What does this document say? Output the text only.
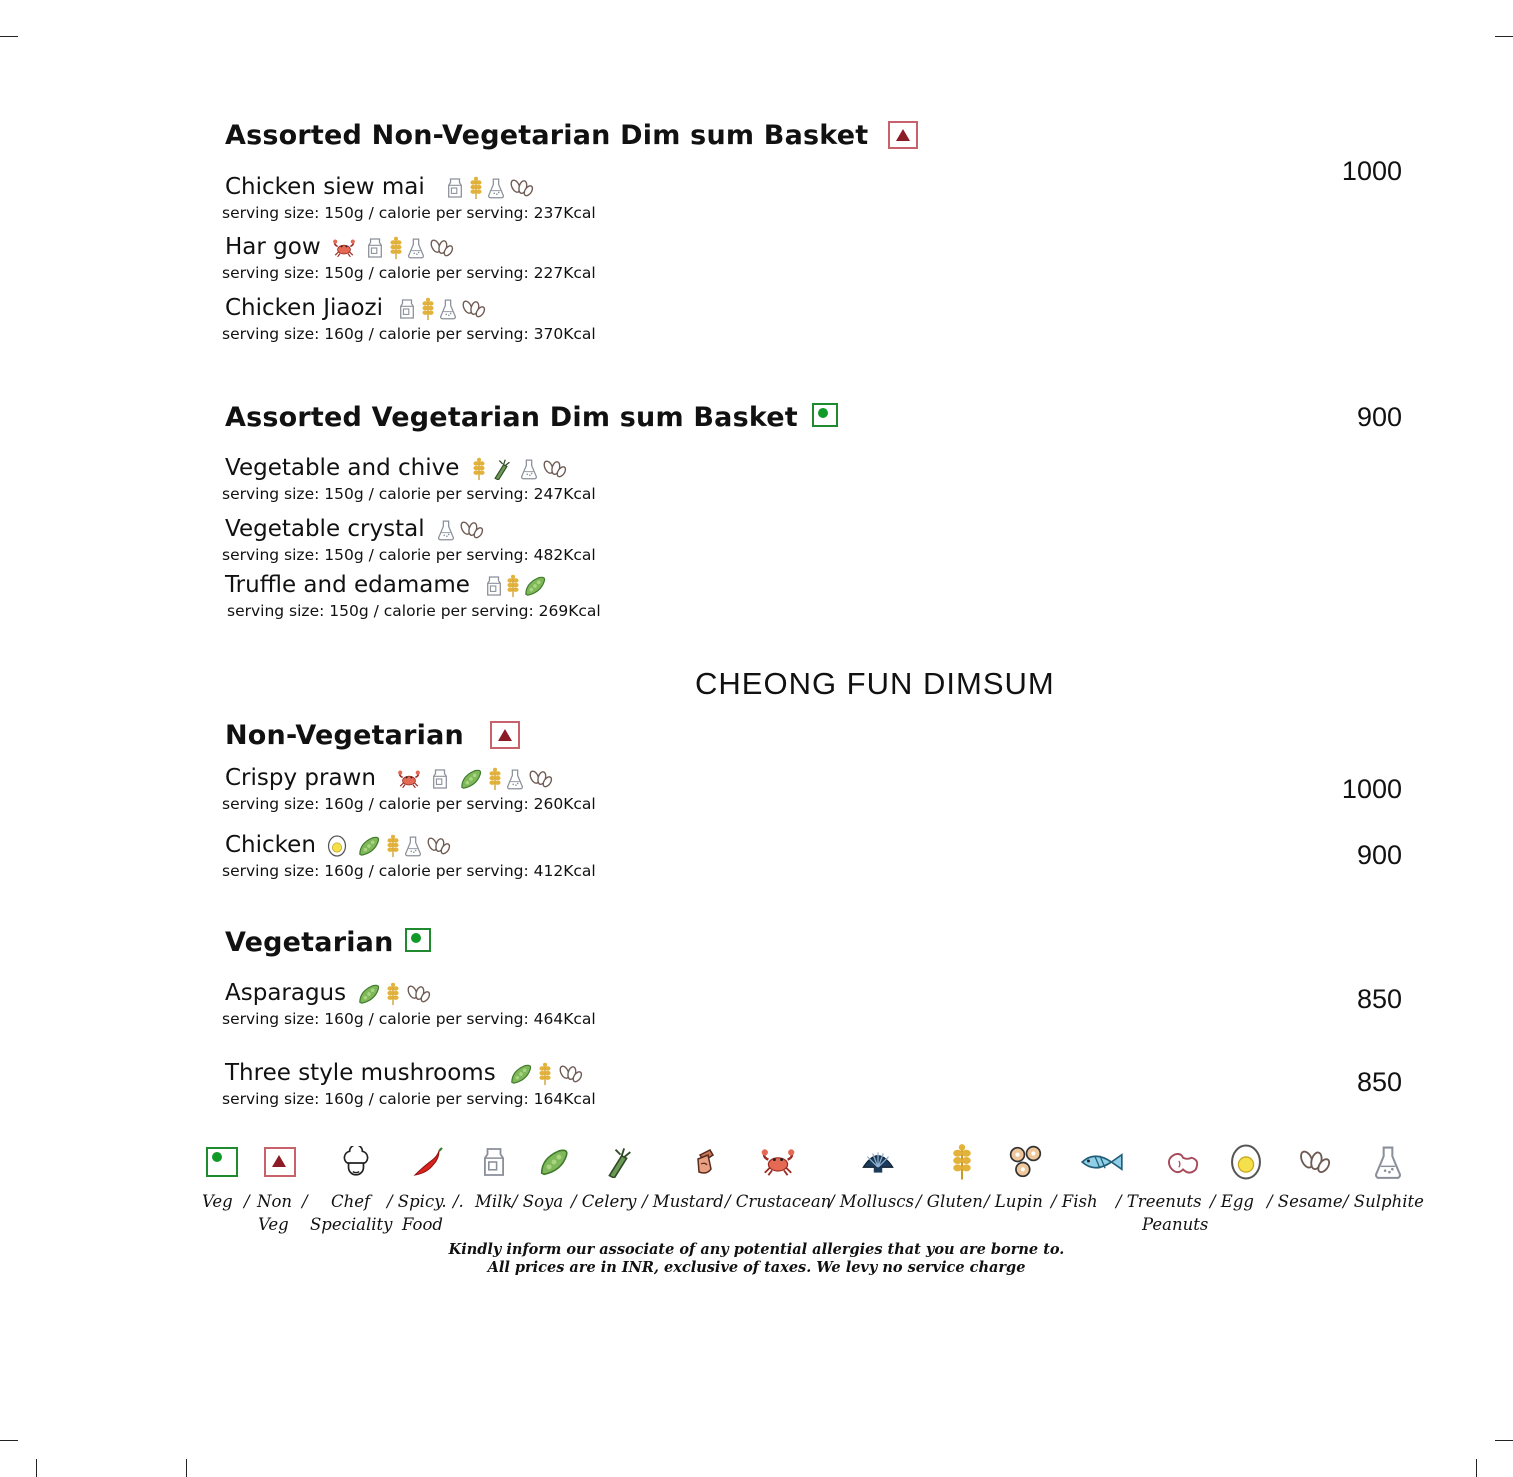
Assorted Non-Vegetarian Dim sum Basket
1000
Chicken siew mai
serving size: 150g / calorie per serving: 237Kcal
Har gow
serving size: 150g / calorie per serving: 227Kcal
Chicken Jiaozi
serving size: 160g / calorie per serving: 370Kcal
Assorted Vegetarian Dim sum Basket	900
Vegetable and chive
serving size: 150g / calorie per serving: 247Kcal
Vegetable crystal
serving size: 150g / calorie per serving: 482Kcal
Truffle and edamame
serving size: 150g / calorie per serving: 269Kcal
CHEONG FUN DIMSUM
Non-Vegetarian
Crispy prawn
serving size: 160g / calorie per serving: 260Kcal	1000
Chicken
serving size: 160g / calorie per serving: 412Kcal
900
Vegetarian
Asparagus
serving size: 160g / calorie per serving: 464Kcal
850
Three style mushrooms
serving size: 160g / calorie per serving: 164Kcal
850
Veg / Non
Veg
/ Chef
Speciality
/ Spicy.
Food
/. Milk / Soya / Celery / Mustard / Crustacean
/ Molluscs / Gluten / Lupin / Fish / Treenuts
Peanuts
/ Egg / Sesame / Sulphite
Kindly inform our associate of any potential allergies that you are borne to.
All prices are in INR, exclusive of taxes. We levy no service charge
